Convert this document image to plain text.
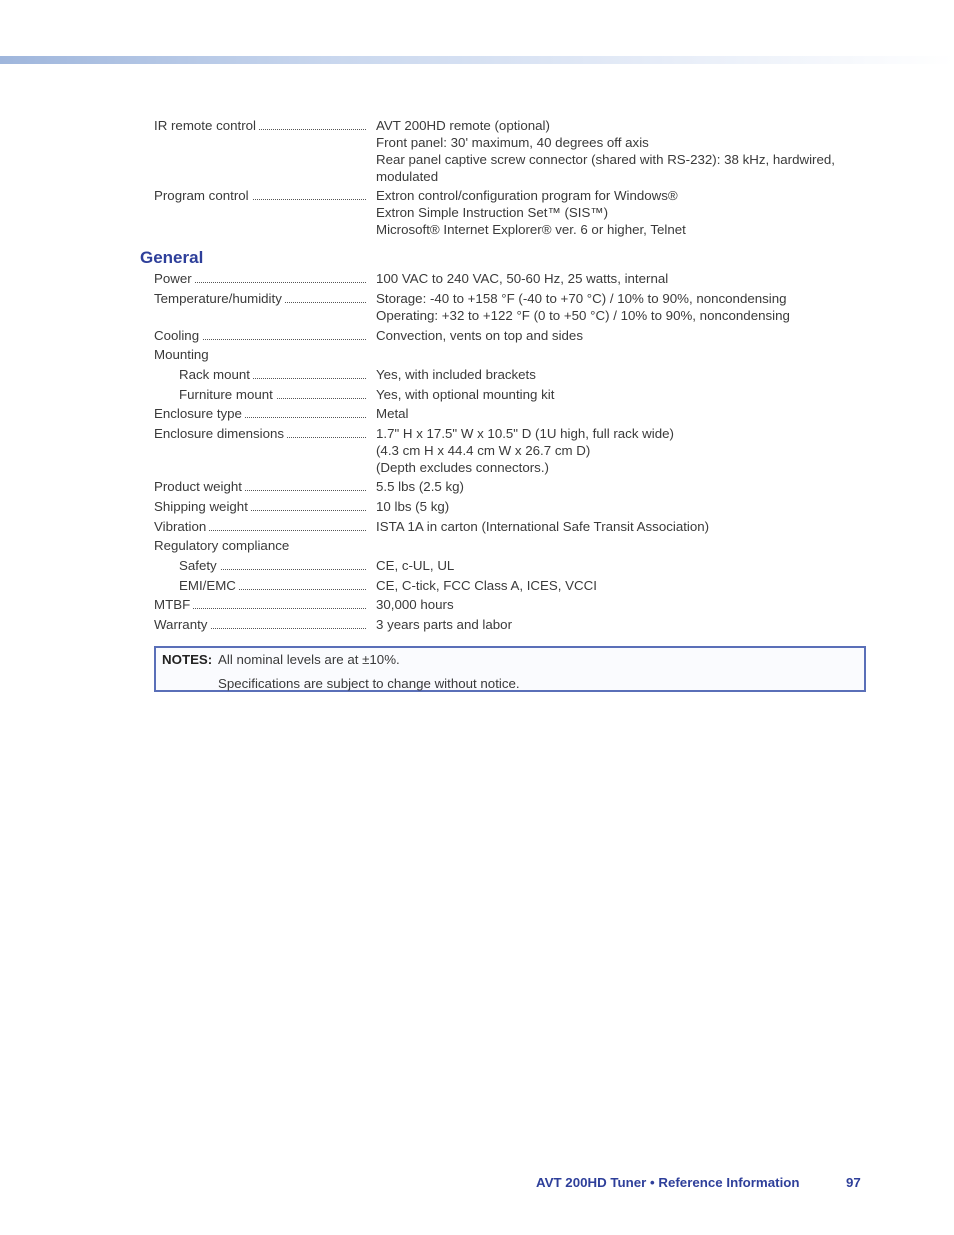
IR remote control	AVT 200HD remote (optional)
Front panel: 30' maximum, 40 degrees off axis
Rear panel captive screw connector (shared with RS-232): 38 kHz, hardwired,
modulated
Program control	Extron control/configuration program for Windows®
Extron Simple Instruction Set™ (SIS™)
Microsoft® Internet Explorer® ver. 6 or higher, Telnet
General
Power	100 VAC to 240 VAC, 50-60 Hz, 25 watts, internal
Temperature/humidity	Storage: -40 to +158 °F (-40 to +70 °C) / 10% to 90%, noncondensing
Operating: +32 to +122 °F (0 to +50 °C) / 10% to 90%, noncondensing
Cooling	Convection, vents on top and sides
Mounting
Rack mount	Yes, with included brackets
Furniture mount	Yes, with optional mounting kit
Enclosure type	Metal
Enclosure dimensions	1.7" H x 17.5" W x 10.5" D (1U high, full rack wide)
(4.3 cm H x 44.4 cm W x 26.7 cm D)
(Depth excludes connectors.)
Product weight	5.5 lbs (2.5 kg)
Shipping weight	10 lbs (5 kg)
Vibration	ISTA 1A in carton (International Safe Transit Association)
Regulatory compliance
Safety	CE, c-UL, UL
EMI/EMC	CE, C-tick, FCC Class A, ICES, VCCI
MTBF	30,000 hours
Warranty	3 years parts and labor
NOTES: All nominal levels are at ±10%.
Specifications are subject to change without notice.
AVT 200HD Tuner • Reference Information	97
